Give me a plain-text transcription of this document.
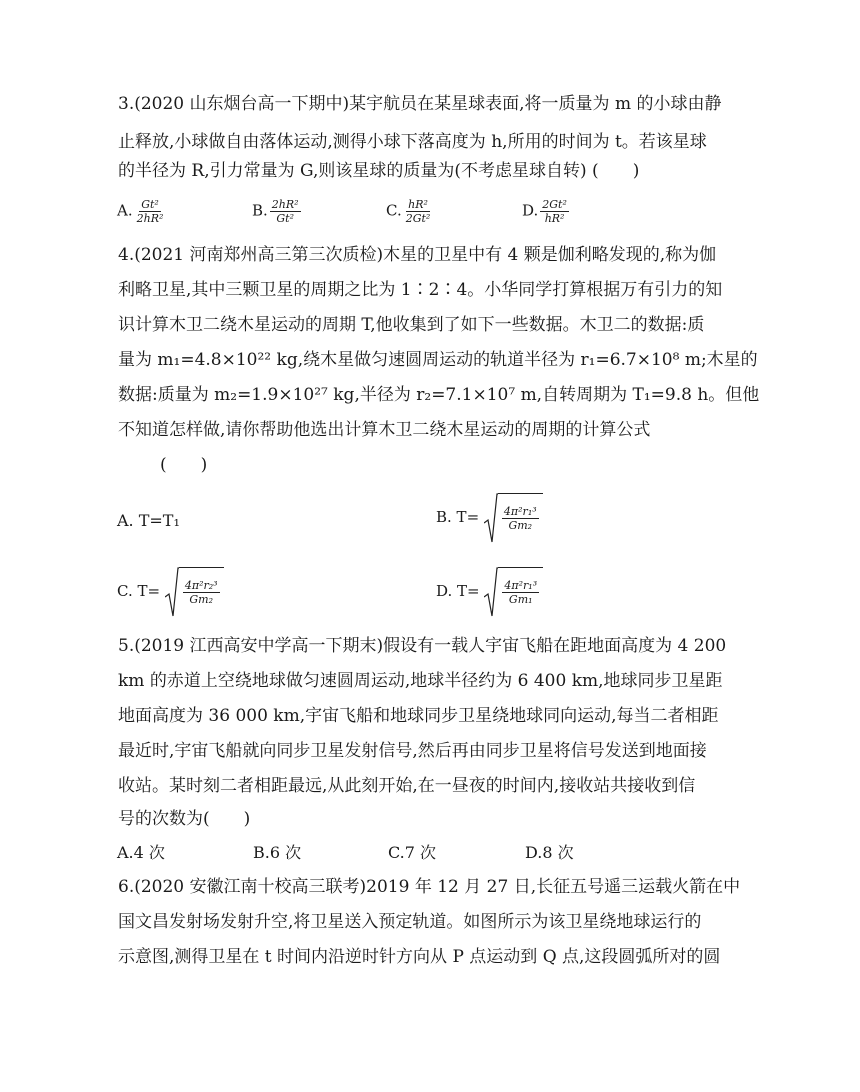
3.(2020 山东烟台高一下期中)某宇航员在某星球表面,将一质量为 m 的小球由静
止释放,小球做自由落体运动,测得小球下落高度为 h,所用的时间为 t。若该星球
的半径为 R,引力常量为 G,则该星球的质量为(不考虑星球自转) (　　)
A. $\frac{\text{Gt²}}{\text{2hR²}}$	B. $\frac{\text{2hR²}}{\text{Gt²}}$	C. $\frac{\text{hR²}}{\text{2Gt²}}$	D. $\frac{\text{2Gt²}}{\text{hR²}}$
4.(2021 河南郑州高三第三次质检)木星的卫星中有 4 颗是伽利略发现的,称为伽
利略卫星,其中三颗卫星的周期之比为 1∶2∶4。小华同学打算根据万有引力的知
识计算木卫二绕木星运动的周期 T,他收集到了如下一些数据。木卫二的数据:质
量为 m₁=4.8×10²² kg,绕木星做匀速圆周运动的轨道半径为 r₁=6.7×10⁸ m;木星的
数据:质量为 m₂=1.9×10²⁷ kg,半径为 r₂=7.1×10⁷ m,自转周期为 T₁=9.8 h。但他
不知道怎样做,请你帮助他选出计算木卫二绕木星运动的周期的计算公式
(　　)
A. T=T₁	B. $T= \frac{\text{4π²r₁³}}{\text{Gm₂}}$
C. $T= \frac{\text{4π²r₂³}}{\text{Gm₂}}$	D. $T= \frac{\text{4π²r₁³}}{\text{Gm₁}}$
5.(2019 江西高安中学高一下期末)假设有一载人宇宙飞船在距地面高度为 4 200
km 的赤道上空绕地球做匀速圆周运动,地球半径约为 6 400 km,地球同步卫星距
地面高度为 36 000 km,宇宙飞船和地球同步卫星绕地球同向运动,每当二者相距
最近时,宇宙飞船就向同步卫星发射信号,然后再由同步卫星将信号发送到地面接
收站。某时刻二者相距最远,从此刻开始,在一昼夜的时间内,接收站共接收到信
号的次数为(　　)
A.4 次	B.6 次	C.7 次	D.8 次
6.(2020 安徽江南十校高三联考)2019 年 12 月 27 日,长征五号遥三运载火箭在中
国文昌发射场发射升空,将卫星送入预定轨道。如图所示为该卫星绕地球运行的
示意图,测得卫星在 t 时间内沿逆时针方向从 P 点运动到 Q 点,这段圆弧所对的圆
